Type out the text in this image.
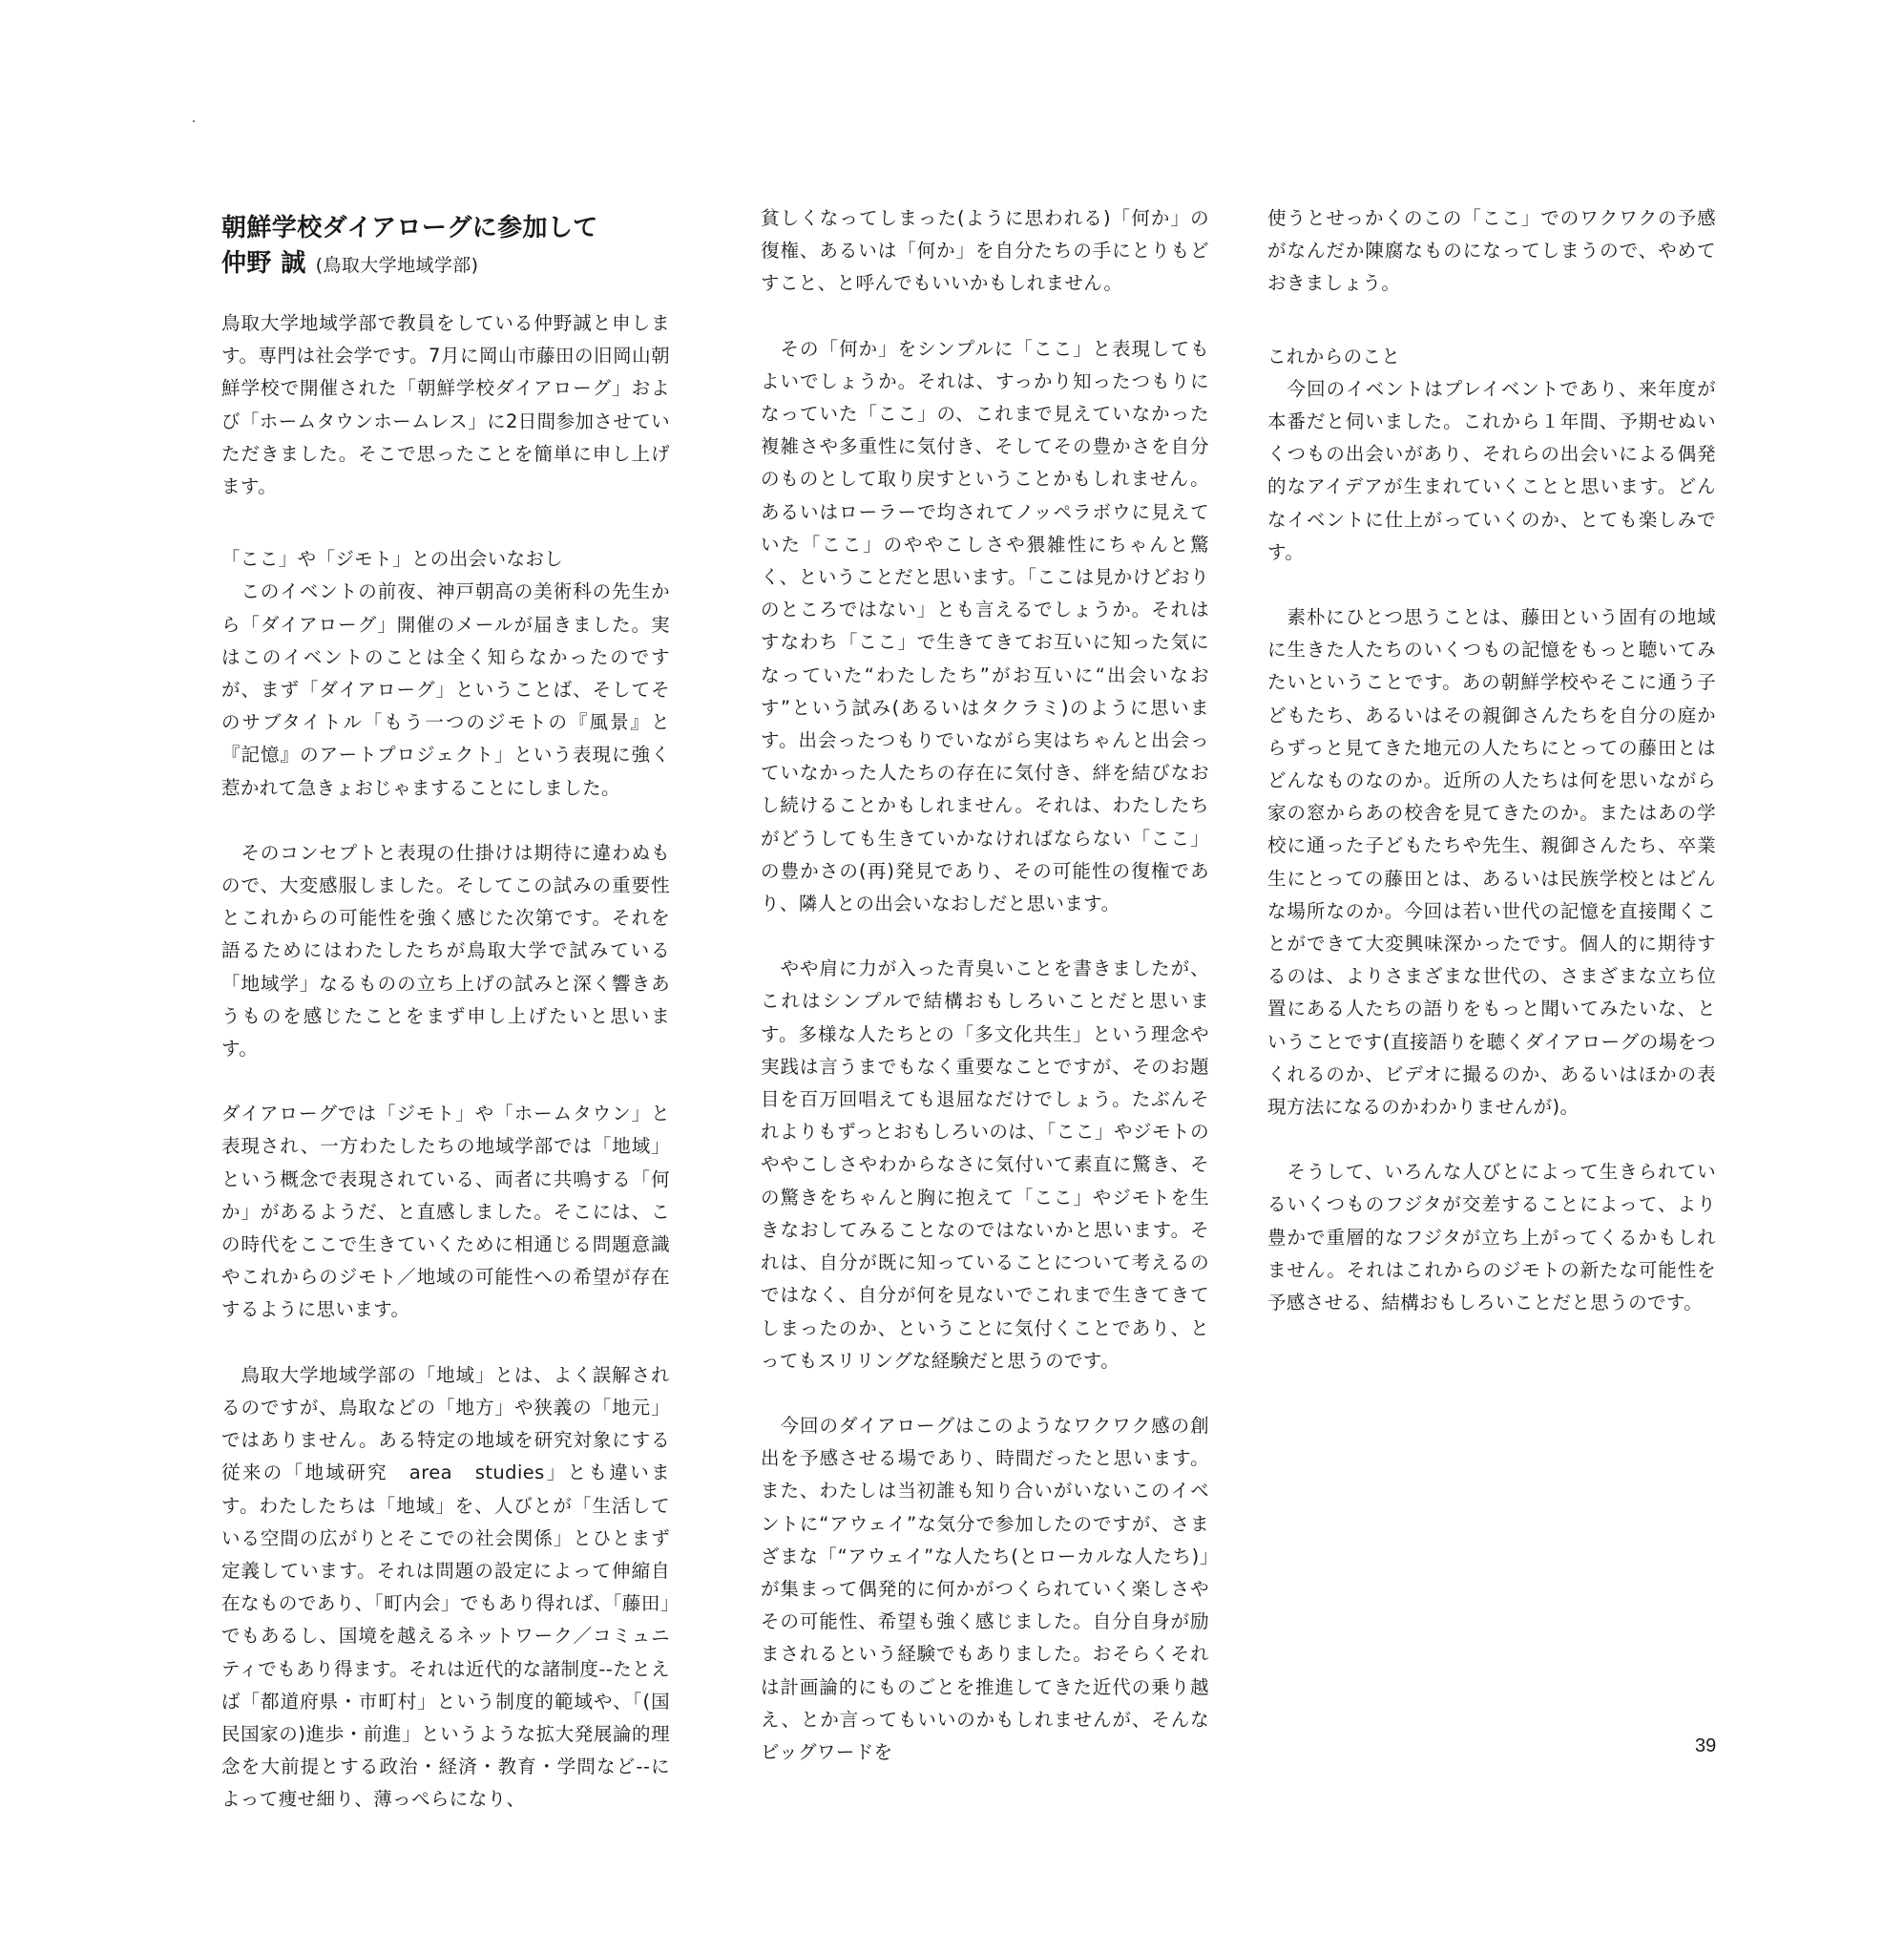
朝鮮学校ダイアローグに参加して
仲野 誠 (鳥取大学地域学部)

鳥取大学地域学部で教員をしている仲野誠と申します。専門は社会学です。7月に岡山市藤田の旧岡山朝鮮学校で開催された「朝鮮学校ダイアローグ」および「ホームタウンホームレス」に2日間参加させていただきました。そこで思ったことを簡単に申し上げます。

「ここ」や「ジモト」との出会いなおし

　このイベントの前夜、神戸朝高の美術科の先生から「ダイアローグ」開催のメールが届きました。実はこのイベントのことは全く知らなかったのですが、まず「ダイアローグ」ということば、そしてそのサブタイトル「もう一つのジモトの『風景』と『記憶』のアートプロジェクト」という表現に強く惹かれて急きょおじゃますることにしました。

　そのコンセプトと表現の仕掛けは期待に違わぬもので、大変感服しました。そしてこの試みの重要性とこれからの可能性を強く感じた次第です。それを語るためにはわたしたちが鳥取大学で試みている「地域学」なるものの立ち上げの試みと深く響きあうものを感じたことをまず申し上げたいと思います。

ダイアローグでは「ジモト」や「ホームタウン」と表現され、一方わたしたちの地域学部では「地域」という概念で表現されている、両者に共鳴する「何か」があるようだ、と直感しました。そこには、この時代をここで生きていくために相通じる問題意識やこれからのジモト／地域の可能性への希望が存在するように思います。

　鳥取大学地域学部の「地域」とは、よく誤解されるのですが、鳥取などの「地方」や狭義の「地元」ではありません。ある特定の地域を研究対象にする従来の「地域研究　area　studies」とも違います。わたしたちは「地域」を、人びとが「生活している空間の広がりとそこでの社会関係」とひとまず定義しています。それは問題の設定によって伸縮自在なものであり、「町内会」でもあり得れば、「藤田」でもあるし、国境を越えるネットワーク／コミュニティでもあり得ます。それは近代的な諸制度--たとえば「都道府県・市町村」という制度的範域や、「(国民国家の)進歩・前進」というような拡大発展論的理念を大前提とする政治・経済・教育・学問など--によって痩せ細り、薄っぺらになり、

貧しくなってしまった(ように思われる)「何か」の復権、あるいは「何か」を自分たちの手にとりもどすこと、と呼んでもいいかもしれません。

　その「何か」をシンプルに「ここ」と表現してもよいでしょうか。それは、すっかり知ったつもりになっていた「ここ」の、これまで見えていなかった複雑さや多重性に気付き、そしてその豊かさを自分のものとして取り戻すということかもしれません。あるいはローラーで均されてノッペラボウに見えていた「ここ」のややこしさや猥雑性にちゃんと驚く、ということだと思います。「ここは見かけどおりのところではない」とも言えるでしょうか。それはすなわち「ここ」で生きてきてお互いに知った気になっていた“わたしたち”がお互いに“出会いなおす”という試み(あるいはタクラミ)のように思います。出会ったつもりでいながら実はちゃんと出会っていなかった人たちの存在に気付き、絆を結びなおし続けることかもしれません。それは、わたしたちがどうしても生きていかなければならない「ここ」の豊かさの(再)発見であり、その可能性の復権であり、隣人との出会いなおしだと思います。

　やや肩に力が入った青臭いことを書きましたが、これはシンプルで結構おもしろいことだと思います。多様な人たちとの「多文化共生」という理念や実践は言うまでもなく重要なことですが、そのお題目を百万回唱えても退屈なだけでしょう。たぶんそれよりもずっとおもしろいのは、「ここ」やジモトのややこしさやわからなさに気付いて素直に驚き、その驚きをちゃんと胸に抱えて「ここ」やジモトを生きなおしてみることなのではないかと思います。それは、自分が既に知っていることについて考えるのではなく、自分が何を見ないでこれまで生きてきてしまったのか、ということに気付くことであり、とってもスリリングな経験だと思うのです。

　今回のダイアローグはこのようなワクワク感の創出を予感させる場であり、時間だったと思います。また、わたしは当初誰も知り合いがいないこのイベントに“アウェイ”な気分で参加したのですが、さまざまな「“アウェイ”な人たち(とローカルな人たち)」が集まって偶発的に何かがつくられていく楽しさやその可能性、希望も強く感じました。自分自身が励まされるという経験でもありました。おそらくそれは計画論的にものごとを推進してきた近代の乗り越え、とか言ってもいいのかもしれませんが、そんなビッグワードを

使うとせっかくのこの「ここ」でのワクワクの予感がなんだか陳腐なものになってしまうので、やめておきましょう。

これからのこと

　今回のイベントはプレイベントであり、来年度が本番だと伺いました。これから１年間、予期せぬいくつもの出会いがあり、それらの出会いによる偶発的なアイデアが生まれていくことと思います。どんなイベントに仕上がっていくのか、とても楽しみです。

　素朴にひとつ思うことは、藤田という固有の地域に生きた人たちのいくつもの記憶をもっと聴いてみたいということです。あの朝鮮学校やそこに通う子どもたち、あるいはその親御さんたちを自分の庭からずっと見てきた地元の人たちにとっての藤田とはどんなものなのか。近所の人たちは何を思いながら家の窓からあの校舎を見てきたのか。またはあの学校に通った子どもたちや先生、親御さんたち、卒業生にとっての藤田とは、あるいは民族学校とはどんな場所なのか。今回は若い世代の記憶を直接聞くことができて大変興味深かったです。個人的に期待するのは、よりさまざまな世代の、さまざまな立ち位置にある人たちの語りをもっと聞いてみたいな、ということです(直接語りを聴くダイアローグの場をつくれるのか、ビデオに撮るのか、あるいはほかの表現方法になるのかわかりませんが)。

　そうして、いろんな人びとによって生きられているいくつものフジタが交差することによって、より豊かで重層的なフジタが立ち上がってくるかもしれません。それはこれからのジモトの新たな可能性を予感させる、結構おもしろいことだと思うのです。

39
